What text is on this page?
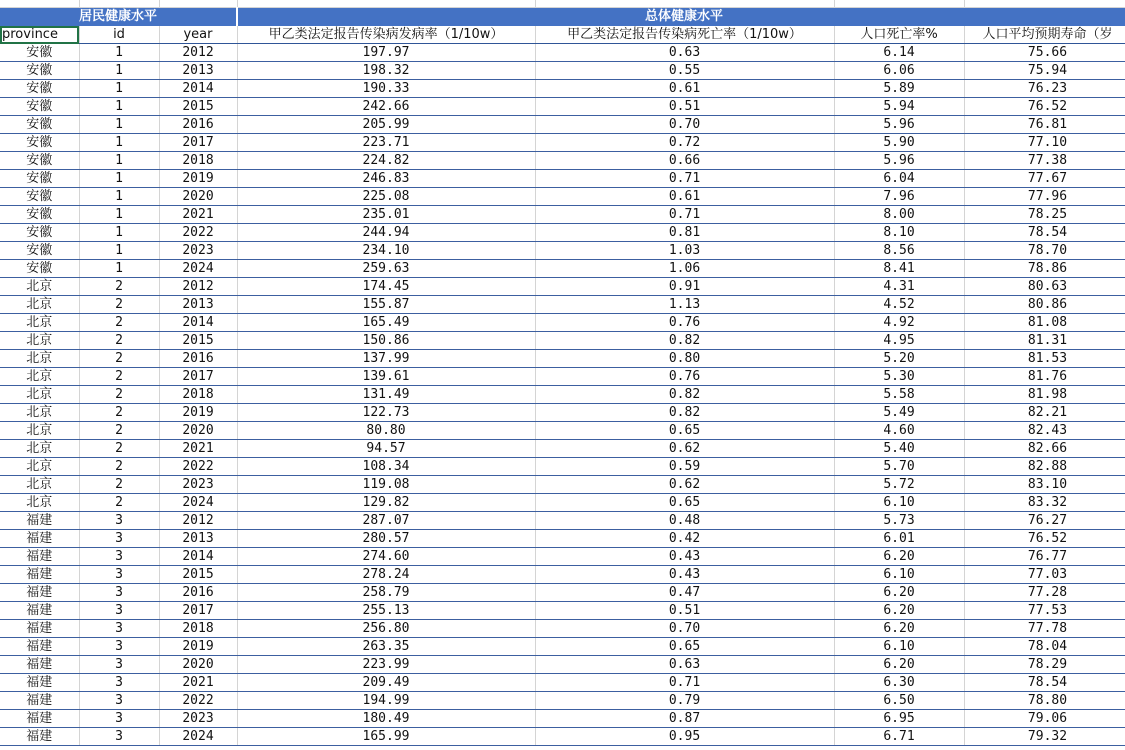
居民健康水平			总体健康水平			
province	id	year	甲乙类法定报告传染病发病率（1/10w）	甲乙类法定报告传染病死亡率（1/10w）	人口死亡率%	人口平均预期寿命（岁
安徽	1	2012	197.97	0.63	6.14	75.66
安徽	1	2013	198.32	0.55	6.06	75.94
安徽	1	2014	190.33	0.61	5.89	76.23
安徽	1	2015	242.66	0.51	5.94	76.52
安徽	1	2016	205.99	0.70	5.96	76.81
安徽	1	2017	223.71	0.72	5.90	77.10
安徽	1	2018	224.82	0.66	5.96	77.38
安徽	1	2019	246.83	0.71	6.04	77.67
安徽	1	2020	225.08	0.61	7.96	77.96
安徽	1	2021	235.01	0.71	8.00	78.25
安徽	1	2022	244.94	0.81	8.10	78.54
安徽	1	2023	234.10	1.03	8.56	78.70
安徽	1	2024	259.63	1.06	8.41	78.86
北京	2	2012	174.45	0.91	4.31	80.63
北京	2	2013	155.87	1.13	4.52	80.86
北京	2	2014	165.49	0.76	4.92	81.08
北京	2	2015	150.86	0.82	4.95	81.31
北京	2	2016	137.99	0.80	5.20	81.53
北京	2	2017	139.61	0.76	5.30	81.76
北京	2	2018	131.49	0.82	5.58	81.98
北京	2	2019	122.73	0.82	5.49	82.21
北京	2	2020	80.80	0.65	4.60	82.43
北京	2	2021	94.57	0.62	5.40	82.66
北京	2	2022	108.34	0.59	5.70	82.88
北京	2	2023	119.08	0.62	5.72	83.10
北京	2	2024	129.82	0.65	6.10	83.32
福建	3	2012	287.07	0.48	5.73	76.27
福建	3	2013	280.57	0.42	6.01	76.52
福建	3	2014	274.60	0.43	6.20	76.77
福建	3	2015	278.24	0.43	6.10	77.03
福建	3	2016	258.79	0.47	6.20	77.28
福建	3	2017	255.13	0.51	6.20	77.53
福建	3	2018	256.80	0.70	6.20	77.78
福建	3	2019	263.35	0.65	6.10	78.04
福建	3	2020	223.99	0.63	6.20	78.29
福建	3	2021	209.49	0.71	6.30	78.54
福建	3	2022	194.99	0.79	6.50	78.80
福建	3	2023	180.49	0.87	6.95	79.06
福建	3	2024	165.99	0.95	6.71	79.32
